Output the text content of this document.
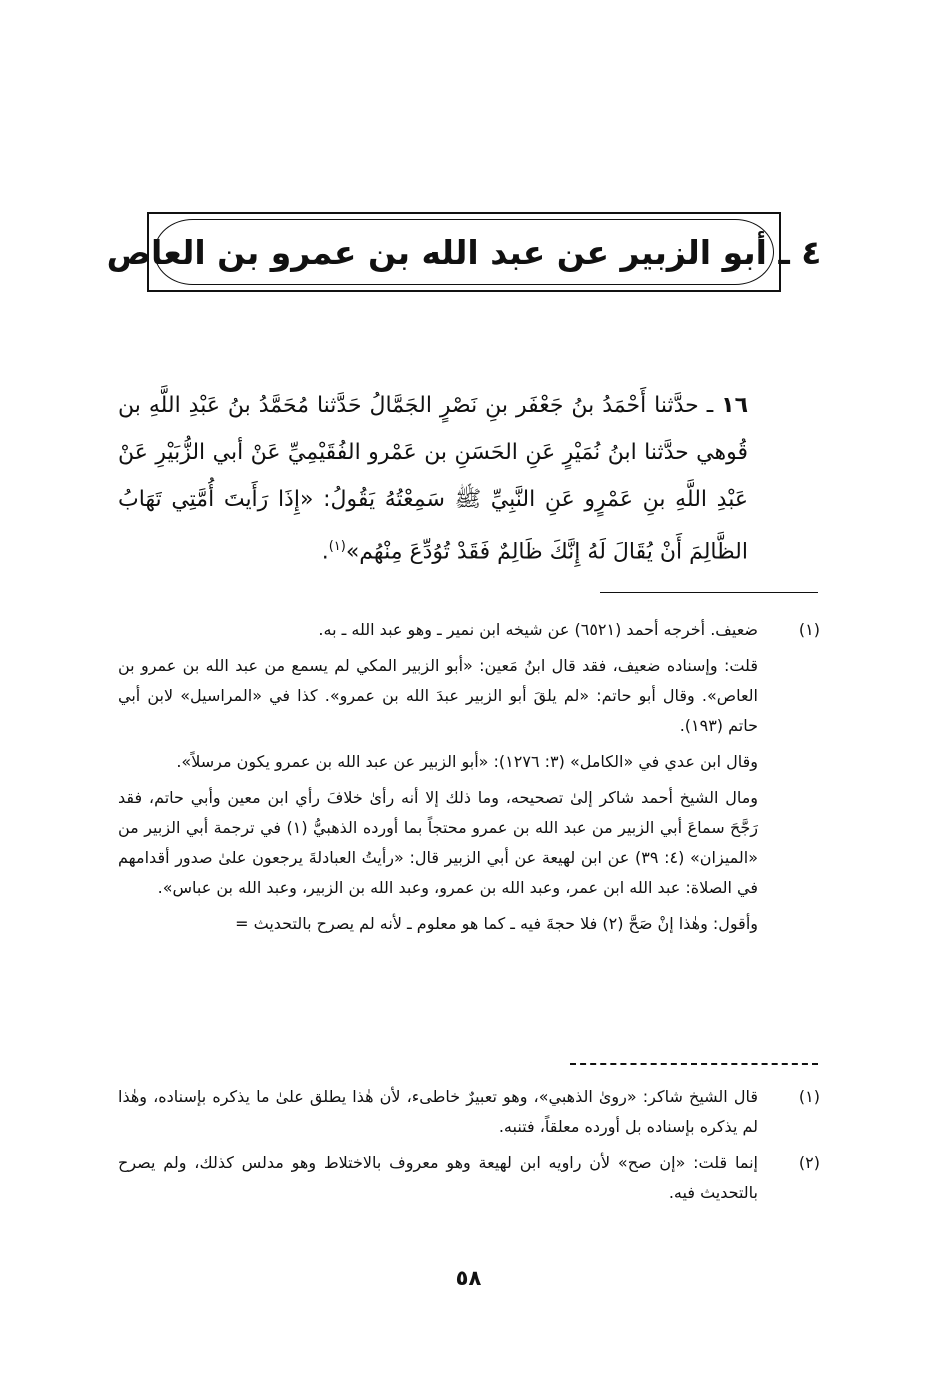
٤ ـ أبو الزبير عن عبد الله بن عمرو بن العاص

١٦ ـ حدَّثنا أَحْمَدُ بنُ جَعْفَر بنِ نَصْرٍ الجَمَّالُ حَدَّثنا مُحَمَّدُ بنُ عَبْدِ اللَّهِ بن قُوهي حدَّثنا ابنُ نُمَيْرٍ عَنِ الحَسَنِ بن عَمْرو الفُقَيْمِيِّ عَنْ أبي الزُّبَيْرِ عَنْ عَبْدِ اللَّهِ بنِ عَمْرٍو عَنِ النَّبِيِّ ﷺ سَمِعْتُهُ يَقُولُ: «إِذَا رَأَيتَ أُمَّتِي تَهَابُ الظَّالِمَ أَنْ يُقَالَ لَهُ إِنَّكَ ظَالِمٌ فَقَدْ تُوُدِّعَ مِنْهُم»$^{(١)}$.

(١)

ضعيف. أخرجه أحمد (٦٥٢١) عن شيخه ابن نمير ـ وهو عبد الله ـ به.

قلت: وإسناده ضعيف، فقد قال ابنُ مَعين: «أبو الزبير المكي لم يسمع من عبد الله بن عمرو بن العاص». وقال أبو حاتم: «لم يلقَ أبو الزبير عبدَ الله بن عمرو». كذا في «المراسيل» لابن أبي حاتم (١٩٣).

وقال ابن عدي في «الكامل» (٣: ١٢٧٦): «أبو الزبير عن عبد الله بن عمرو يكون مرسلاً».

ومال الشيخ أحمد شاكر إلىٰ تصحيحه، وما ذلك إلا أنه رأىٰ خلافَ رأي ابن معين وأبي حاتم، فقد رَجَّحَ سماعَ أبي الزبير من عبد الله بن عمرو محتجاً بما أورده الذهبيُّ (١) في ترجمة أبي الزبير من «الميزان» (٤: ٣٩) عن ابن لهيعة عن أبي الزبير قال: «رأيتُ العبادلةَ يرجعون علىٰ صدور أقدامهم في الصلاة: عبد الله ابن عمر، وعبد الله بن عمرو، وعبد الله بن الزبير، وعبد الله بن عباس».

وأقول: وهٰذا إنْ صَحَّ (٢) فلا حجةَ فيه ـ كما هو معلوم ـ لأنه لم يصرح بالتحديث =

(١)

قال الشيخ شاكر: «روىٰ الذهبي»، وهو تعبيرٌ خاطىء، لأن هٰذا يطلق علىٰ ما يذكره بإسناده، وهٰذا لم يذكره بإسناده بل أورده معلقاً، فتنبه.

(٢)

إنما قلت: «إن صح» لأن راويه ابن لهيعة وهو معروف بالاختلاط وهو مدلس كذلك، ولم يصرح بالتحديث فيه.

٥٨
